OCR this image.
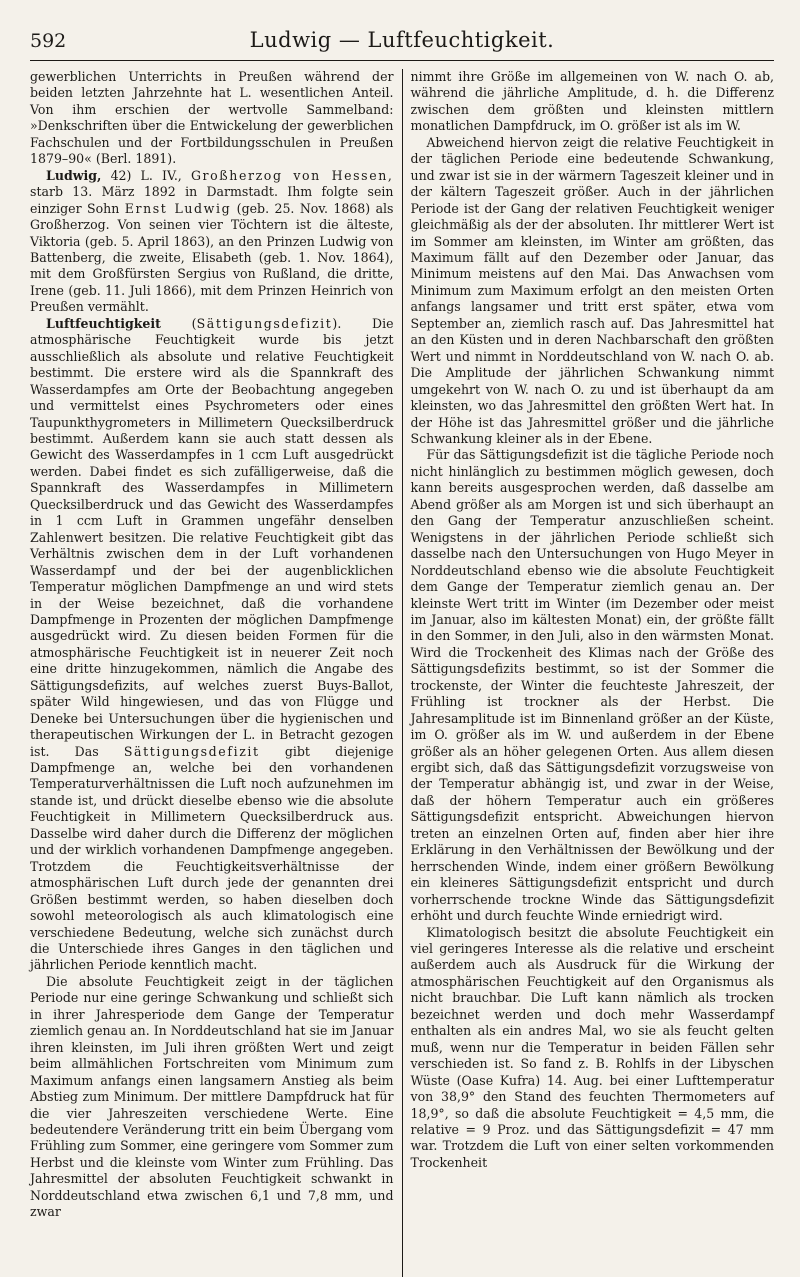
592	Ludwig — Luftfeuchtigkeit.

gewerblichen Unterrichts in Preußen während der beiden letzten Jahrzehnte hat L. wesentlichen Anteil. Von ihm erschien der wertvolle Sammelband: »Denkschriften über die Entwickelung der gewerblichen Fachschulen und der Fortbildungsschulen in Preußen 1879–90« (Berl. 1891).

Ludwig, 42) L. IV., Großherzog von Hessen, starb 13. März 1892 in Darmstadt. Ihm folgte sein einziger Sohn Ernst Ludwig (geb. 25. Nov. 1868) als Großherzog. Von seinen vier Töchtern ist die älteste, Viktoria (geb. 5. April 1863), an den Prinzen Ludwig von Battenberg, die zweite, Elisabeth (geb. 1. Nov. 1864), mit dem Großfürsten Sergius von Rußland, die dritte, Irene (geb. 11. Juli 1866), mit dem Prinzen Heinrich von Preußen vermählt.

Luftfeuchtigkeit (Sättigungsdefizit). Die atmosphärische Feuchtigkeit wurde bis jetzt ausschließlich als absolute und relative Feuchtigkeit bestimmt. Die erstere wird als die Spannkraft des Wasserdampfes am Orte der Beobachtung angegeben und vermittelst eines Psychrometers oder eines Taupunkthygrometers in Millimetern Quecksilberdruck bestimmt. Außerdem kann sie auch statt dessen als Gewicht des Wasserdampfes in 1 ccm Luft ausgedrückt werden. Dabei findet es sich zufälligerweise, daß die Spannkraft des Wasserdampfes in Millimetern Quecksilberdruck und das Gewicht des Wasserdampfes in 1 ccm Luft in Grammen ungefähr denselben Zahlenwert besitzen. Die relative Feuchtigkeit gibt das Verhältnis zwischen dem in der Luft vorhandenen Wasserdampf und der bei der augenblicklichen Temperatur möglichen Dampfmenge an und wird stets in der Weise bezeichnet, daß die vorhandene Dampfmenge in Prozenten der möglichen Dampfmenge ausgedrückt wird. Zu diesen beiden Formen für die atmosphärische Feuchtigkeit ist in neuerer Zeit noch eine dritte hinzugekommen, nämlich die Angabe des Sättigungsdefizits, auf welches zuerst Buys-Ballot, später Wild hingewiesen, und das von Flügge und Deneke bei Untersuchungen über die hygienischen und therapeutischen Wirkungen der L. in Betracht gezogen ist. Das Sättigungsdefizit gibt diejenige Dampfmenge an, welche bei den vorhandenen Temperaturverhältnissen die Luft noch aufzunehmen im stande ist, und drückt dieselbe ebenso wie die absolute Feuchtigkeit in Millimetern Quecksilberdruck aus. Dasselbe wird daher durch die Differenz der möglichen und der wirklich vorhandenen Dampfmenge angegeben. Trotzdem die Feuchtigkeitsverhältnisse der atmosphärischen Luft durch jede der genannten drei Größen bestimmt werden, so haben dieselben doch sowohl meteorologisch als auch klimatologisch eine verschiedene Bedeutung, welche sich zunächst durch die Unterschiede ihres Ganges in den täglichen und jährlichen Periode kenntlich macht.

Die absolute Feuchtigkeit zeigt in der täglichen Periode nur eine geringe Schwankung und schließt sich in ihrer Jahresperiode dem Gange der Temperatur ziemlich genau an. In Norddeutschland hat sie im Januar ihren kleinsten, im Juli ihren größten Wert und zeigt beim allmählichen Fortschreiten vom Minimum zum Maximum anfangs einen langsamern Anstieg als beim Abstieg zum Minimum. Der mittlere Dampfdruck hat für die vier Jahreszeiten verschiedene Werte. Eine bedeutendere Veränderung tritt ein beim Übergang vom Frühling zum Sommer, eine geringere vom Sommer zum Herbst und die kleinste vom Winter zum Frühling. Das Jahresmittel der absoluten Feuchtigkeit schwankt in Norddeutschland etwa zwischen 6,1 und 7,8 mm, und zwar

nimmt ihre Größe im allgemeinen von W. nach O. ab, während die jährliche Amplitude, d. h. die Differenz zwischen dem größten und kleinsten mittlern monatlichen Dampfdruck, im O. größer ist als im W.

Abweichend hiervon zeigt die relative Feuchtigkeit in der täglichen Periode eine bedeutende Schwankung, und zwar ist sie in der wärmern Tageszeit kleiner und in der kältern Tageszeit größer. Auch in der jährlichen Periode ist der Gang der relativen Feuchtigkeit weniger gleichmäßig als der der absoluten. Ihr mittlerer Wert ist im Sommer am kleinsten, im Winter am größten, das Maximum fällt auf den Dezember oder Januar, das Minimum meistens auf den Mai. Das Anwachsen vom Minimum zum Maximum erfolgt an den meisten Orten anfangs langsamer und tritt erst später, etwa vom September an, ziemlich rasch auf. Das Jahresmittel hat an den Küsten und in deren Nachbarschaft den größten Wert und nimmt in Norddeutschland von W. nach O. ab. Die Amplitude der jährlichen Schwankung nimmt umgekehrt von W. nach O. zu und ist überhaupt da am kleinsten, wo das Jahresmittel den größten Wert hat. In der Höhe ist das Jahresmittel größer und die jährliche Schwankung kleiner als in der Ebene.

Für das Sättigungsdefizit ist die tägliche Periode noch nicht hinlänglich zu bestimmen möglich gewesen, doch kann bereits ausgesprochen werden, daß dasselbe am Abend größer als am Morgen ist und sich überhaupt an den Gang der Temperatur anzuschließen scheint. Wenigstens in der jährlichen Periode schließt sich dasselbe nach den Untersuchungen von Hugo Meyer in Norddeutschland ebenso wie die absolute Feuchtigkeit dem Gange der Temperatur ziemlich genau an. Der kleinste Wert tritt im Winter (im Dezember oder meist im Januar, also im kältesten Monat) ein, der größte fällt in den Sommer, in den Juli, also in den wärmsten Monat. Wird die Trockenheit des Klimas nach der Größe des Sättigungsdefizits bestimmt, so ist der Sommer die trockenste, der Winter die feuchteste Jahreszeit, der Frühling ist trockner als der Herbst. Die Jahresamplitude ist im Binnenland größer an der Küste, im O. größer als im W. und außerdem in der Ebene größer als an höher gelegenen Orten. Aus allem diesen ergibt sich, daß das Sättigungsdefizit vorzugsweise von der Temperatur abhängig ist, und zwar in der Weise, daß der höhern Temperatur auch ein größeres Sättigungsdefizit entspricht. Abweichungen hiervon treten an einzelnen Orten auf, finden aber hier ihre Erklärung in den Verhältnissen der Bewölkung und der herrschenden Winde, indem einer größern Bewölkung ein kleineres Sättigungsdefizit entspricht und durch vorherrschende trockne Winde das Sättigungsdefizit erhöht und durch feuchte Winde erniedrigt wird.

Klimatologisch besitzt die absolute Feuchtigkeit ein viel geringeres Interesse als die relative und erscheint außerdem auch als Ausdruck für die Wirkung der atmosphärischen Feuchtigkeit auf den Organismus als nicht brauchbar. Die Luft kann nämlich als trocken bezeichnet werden und doch mehr Wasserdampf enthalten als ein andres Mal, wo sie als feucht gelten muß, wenn nur die Temperatur in beiden Fällen sehr verschieden ist. So fand z. B. Rohlfs in der Libyschen Wüste (Oase Kufra) 14. Aug. bei einer Lufttemperatur von 38,9° den Stand des feuchten Thermometers auf 18,9°, so daß die absolute Feuchtigkeit = 4,5 mm, die relative = 9 Proz. und das Sättigungsdefizit = 47 mm war. Trotzdem die Luft von einer selten vorkommenden Trockenheit
